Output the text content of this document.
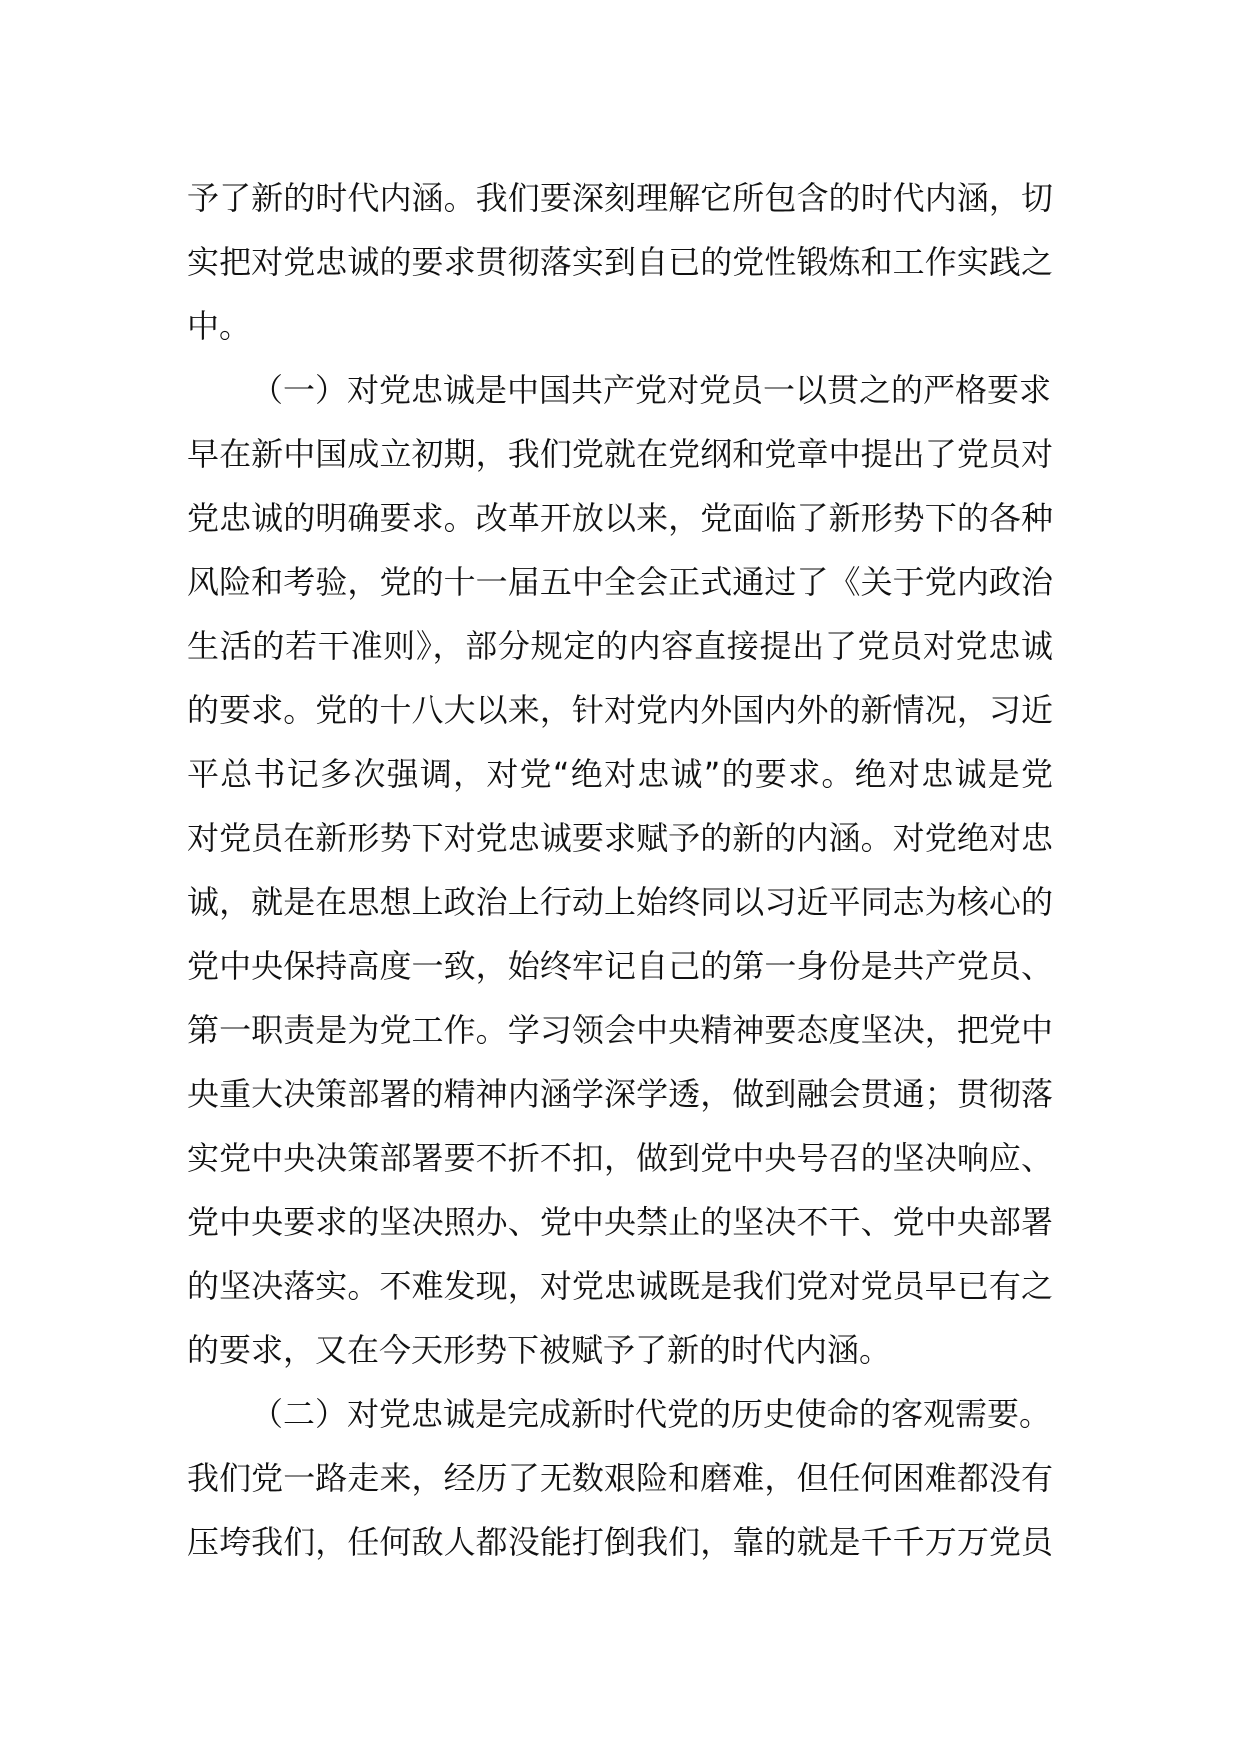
予了新的时代内涵。我们要深刻理解它所包含的时代内涵，切
实把对党忠诚的要求贯彻落实到自已的党性锻炼和工作实践之
中。
（一）对党忠诚是中国共产党对党员一以贯之的严格要求
早在新中国成立初期，我们党就在党纲和党章中提出了党员对
党忠诚的明确要求。改革开放以来，党面临了新形势下的各种
风险和考验，党的十一届五中全会正式通过了《关于党内政治
生活的若干准则》，部分规定的内容直接提出了党员对党忠诚
的要求。党的十八大以来，针对党内外国内外的新情况，习近
平总书记多次强调，对党“绝对忠诚”的要求。绝对忠诚是党
对党员在新形势下对党忠诚要求赋予的新的内涵。对党绝对忠
诚，就是在思想上政治上行动上始终同以习近平同志为核心的
党中央保持高度一致，始终牢记自己的第一身份是共产党员、
第一职责是为党工作。学习领会中央精神要态度坚决，把党中
央重大决策部署的精神内涵学深学透，做到融会贯通；贯彻落
实党中央决策部署要不折不扣，做到党中央号召的坚决响应、
党中央要求的坚决照办、党中央禁止的坚决不干、党中央部署
的坚决落实。不难发现，对党忠诚既是我们党对党员早已有之
的要求，又在今天形势下被赋予了新的时代内涵。
（二）对党忠诚是完成新时代党的历史使命的客观需要。
我们党一路走来，经历了无数艰险和磨难，但任何困难都没有
压垮我们，任何敌人都没能打倒我们，靠的就是千千万万党员
